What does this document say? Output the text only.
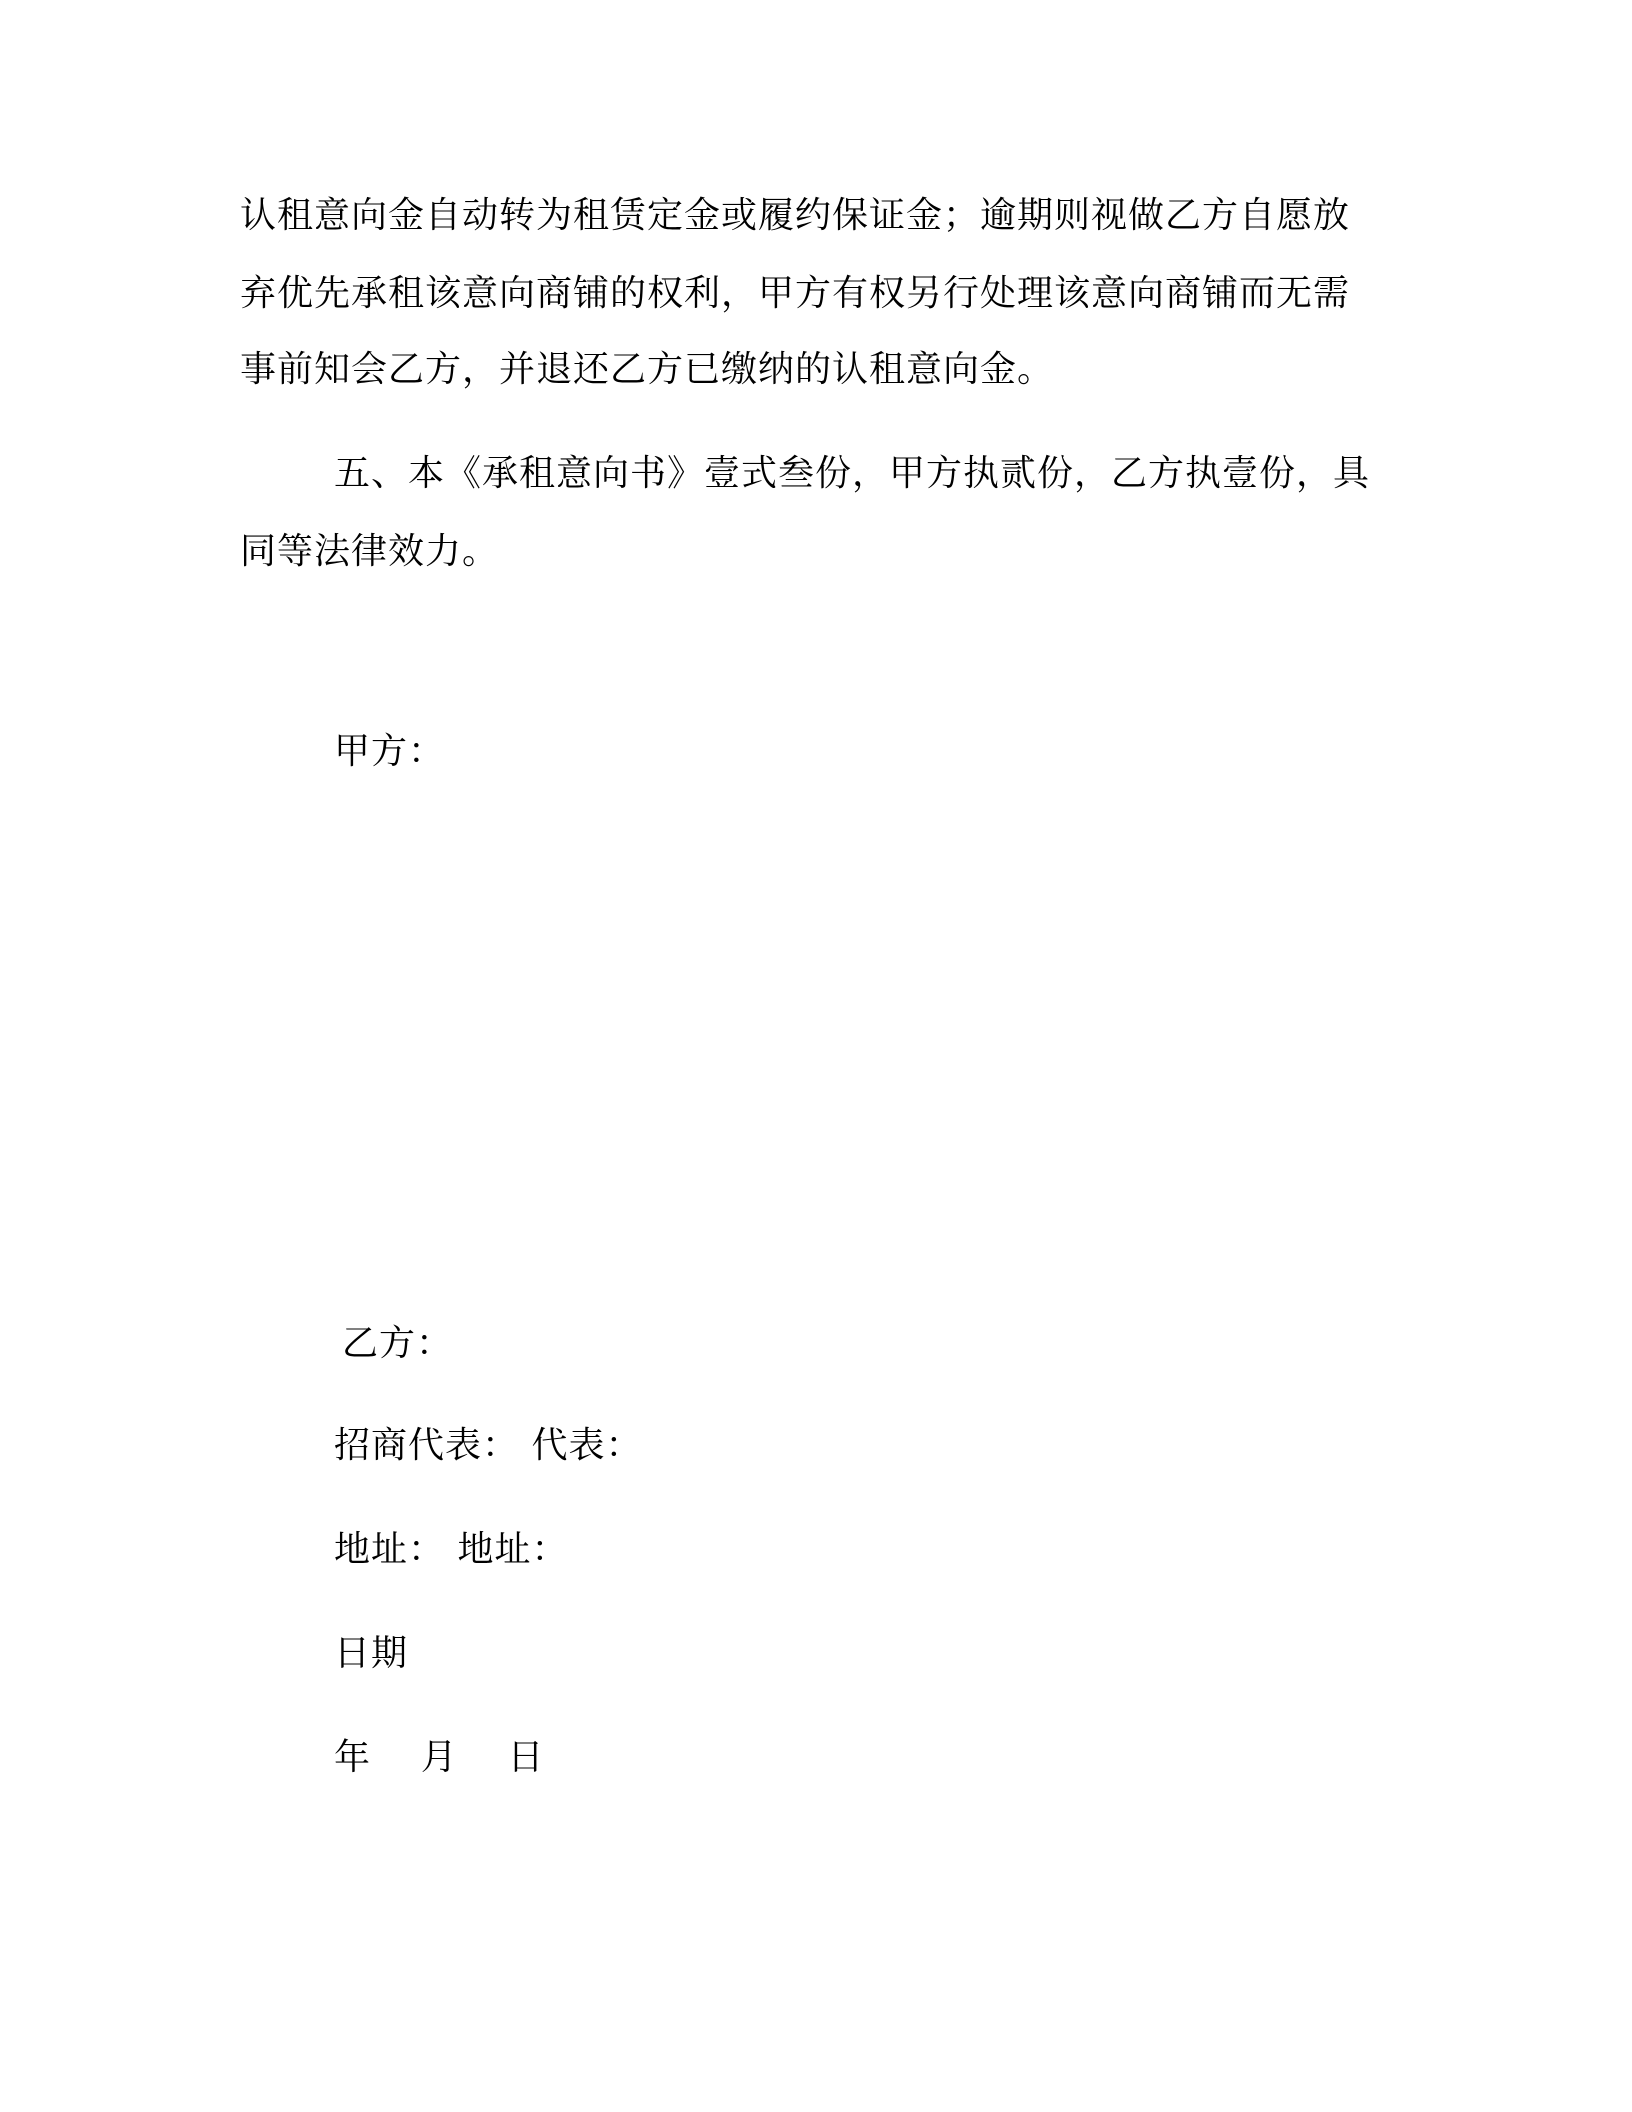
认租意向金自动转为租赁定金或履约保证金；逾期则视做乙方自愿放
弃优先承租该意向商铺的权利，甲方有权另行处理该意向商铺而无需
事前知会乙方，并退还乙方已缴纳的认租意向金。
五、本《承租意向书》壹式叁份，甲方执贰份，乙方执壹份，具
同等法律效力。
甲方：
乙方：
招商代表： 代表：
地址： 地址：
日期
年    月    日
